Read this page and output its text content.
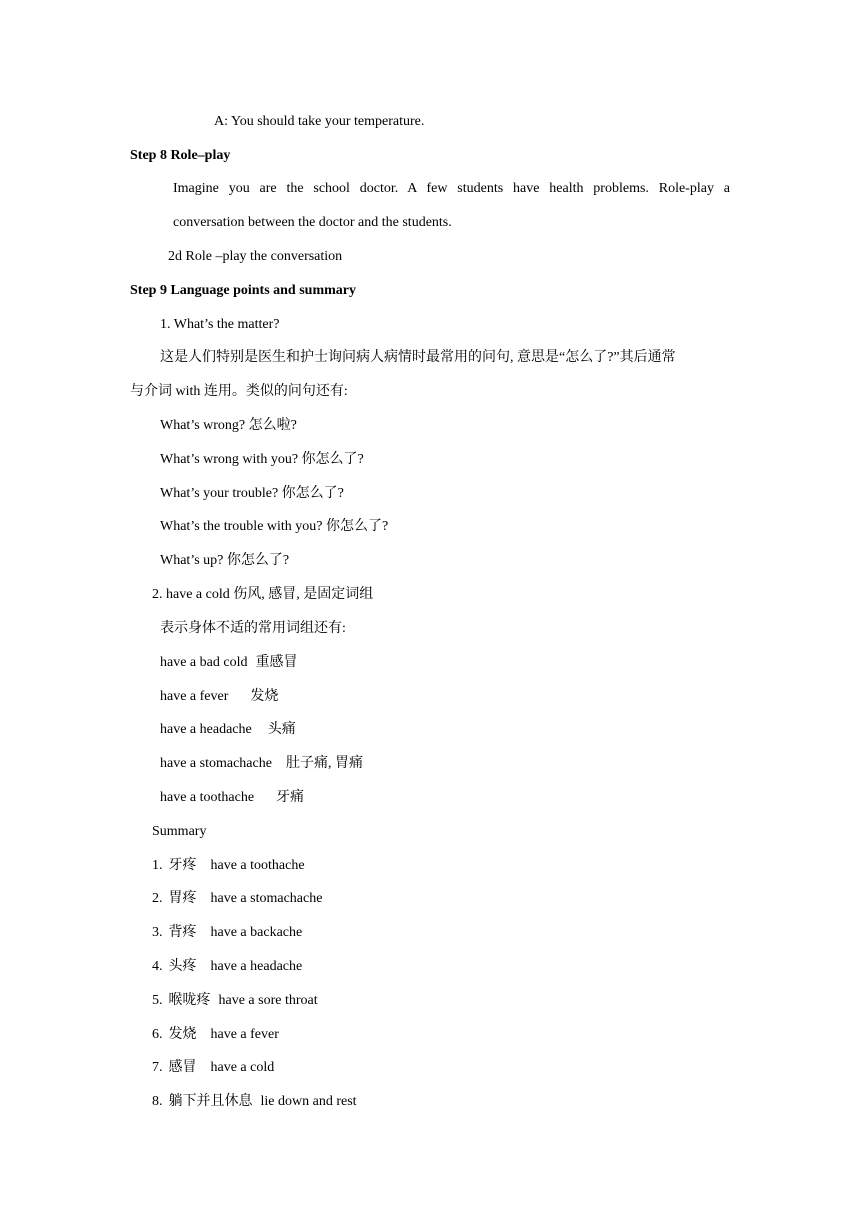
A: You should take your temperature.
Step 8 Role–play
Imagine you are the school doctor. A few students have health problems. Role-play a
conversation between the doctor and the students.
2d Role –play the conversation
Step 9 Language points and summary
1. What’s the matter?
这是人们特别是医生和护士询问病人病情时最常用的问句, 意思是“怎么了?”其后通常
与介词 with 连用。类似的问句还有:
What’s wrong? 怎么啦?
What’s wrong with you? 你怎么了?
What’s your trouble? 你怎么了?
What’s the trouble with you? 你怎么了?
What’s up? 你怎么了?
2. have a cold 伤风, 感冒, 是固定词组
表示身体不适的常用词组还有:
have a bad cold 重感冒
have a fever 发烧
have a headache 头痛
have a stomachache 肚子痛, 胃痛
have a toothache 牙痛
Summary
1. 牙疼 have a toothache
2. 胃疼 have a stomachache
3. 背疼 have a backache
4. 头疼 have a headache
5. 喉咙疼 have a sore throat
6. 发烧 have a fever
7. 感冒 have a cold
8. 躺下并且休息 lie down and rest
